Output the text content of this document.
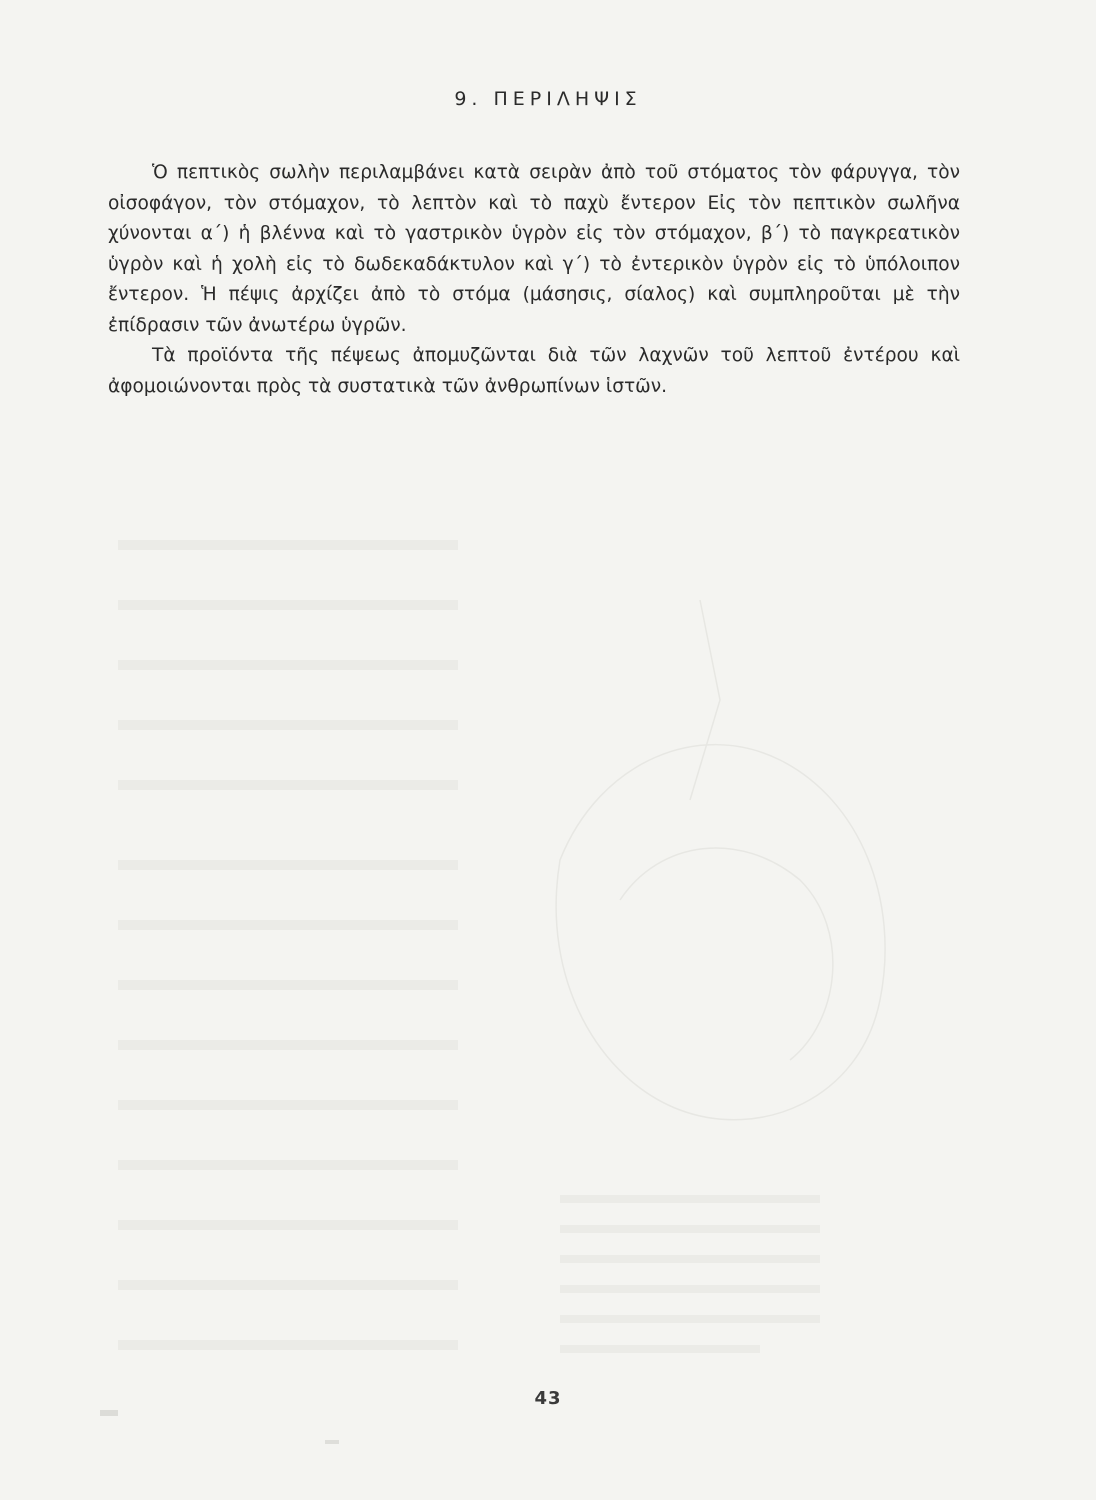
9. ΠΕΡΙΛΗΨΙΣ

Ὁ πεπτικὸς σωλὴν περιλαμβάνει κατὰ σειρὰν ἀπὸ τοῦ στόματος τὸν φάρυγγα, τὸν οἰσοφάγον, τὸν στόμαχον, τὸ λεπτὸν καὶ τὸ παχὺ ἔντερον Εἰς τὸν πεπτικὸν σωλῆνα χύνονται α΄) ἡ βλέννα καὶ τὸ γαστρικὸν ὑγρὸν εἰς τὸν στόμαχον, β΄) τὸ παγκρεατικὸν ὑγρὸν καὶ ἡ χολὴ εἰς τὸ δωδεκαδάκτυλον καὶ γ΄) τὸ ἐντερικὸν ὑγρὸν εἰς τὸ ὑπόλοιπον ἔντερον. Ἡ πέψις ἀρχίζει ἀπὸ τὸ στόμα (μάσησις, σίαλος) καὶ συμπληροῦται μὲ τὴν ἐπίδρασιν τῶν ἀνωτέρω ὑγρῶν.

Τὰ προϊόντα τῆς πέψεως ἀπομυζῶνται διὰ τῶν λαχνῶν τοῦ λεπτοῦ ἐντέρου καὶ ἀφομοιώνονται πρὸς τὰ συστατικὰ τῶν ἀνθρωπίνων ἱστῶν.

43
